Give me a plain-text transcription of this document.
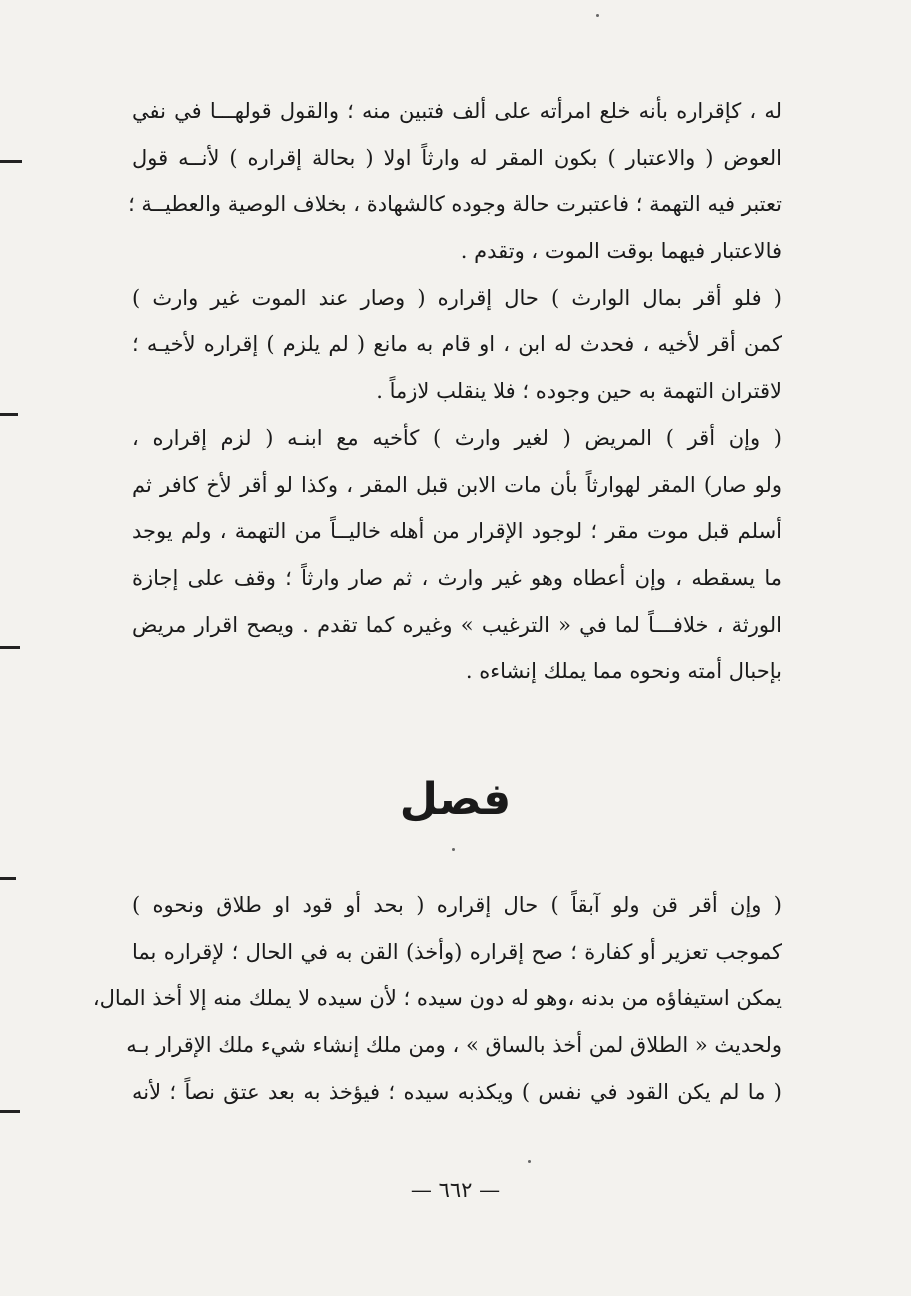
له ، كإقراره بأنه خلع امرأته على ألف فتبين منه ؛ والقول قولهـــا في نفي
العوض ( والاعتبار ) بكون المقر له وارثاً اولا ( بحالة إقراره ) لأنــه قول
تعتبر فيه التهمة ؛ فاعتبرت حالة وجوده كالشهادة ، بخلاف الوصية والعطيــة ؛
فالاعتبار فيهما بوقت الموت ، وتقدم .
( فلو أقر بمال الوارث ) حال إقراره ( وصار عند الموت غير وارث )
كمن أقر لأخيه ، فحدث له ابن ، او قام به مانع ( لم يلزم ) إقراره لأخيـه ؛
لاقتران التهمة به حين وجوده ؛ فلا ينقلب لازماً .
( وإن أقر ) المريض ( لغير وارث ) كأخيه مع ابنـه ( لزم إقراره ،
ولو صار) المقر لهوارثاً بأن مات الابن قبل المقر ، وكذا لو أقر لأخ كافر ثم
أسلم قبل موت مقر ؛ لوجود الإقرار من أهله خاليــاً من التهمة ، ولم يوجد
ما يسقطه ، وإن أعطاه وهو غير وارث ، ثم صار وارثاً ؛ وقف على إجازة
الورثة ، خلافـــاً لما في « الترغيب » وغيره كما تقدم . ويصح اقرار مريض
بإحبال أمته ونحوه مما يملك إنشاءه .
فصل
( وإن أقر قن ولو آبقاً ) حال إقراره ( بحد أو قود او طلاق ونحوه )
كموجب تعزير أو كفارة ؛ صح إقراره (وأخذ) القن به في الحال ؛ لإقراره بما
يمكن استيفاؤه من بدنه ،وهو له دون سيده ؛ لأن سيده لا يملك منه إلا أخذ المال،
ولحديث « الطلاق لمن أخذ بالساق » ، ومن ملك إنشاء شيء ملك الإقرار بـه
( ما لم يكن القود في نفس ) ويكذبه سيده ؛ فيؤخذ به بعد عتق نصاً ؛ لأنه
— ٦٦٢ —
